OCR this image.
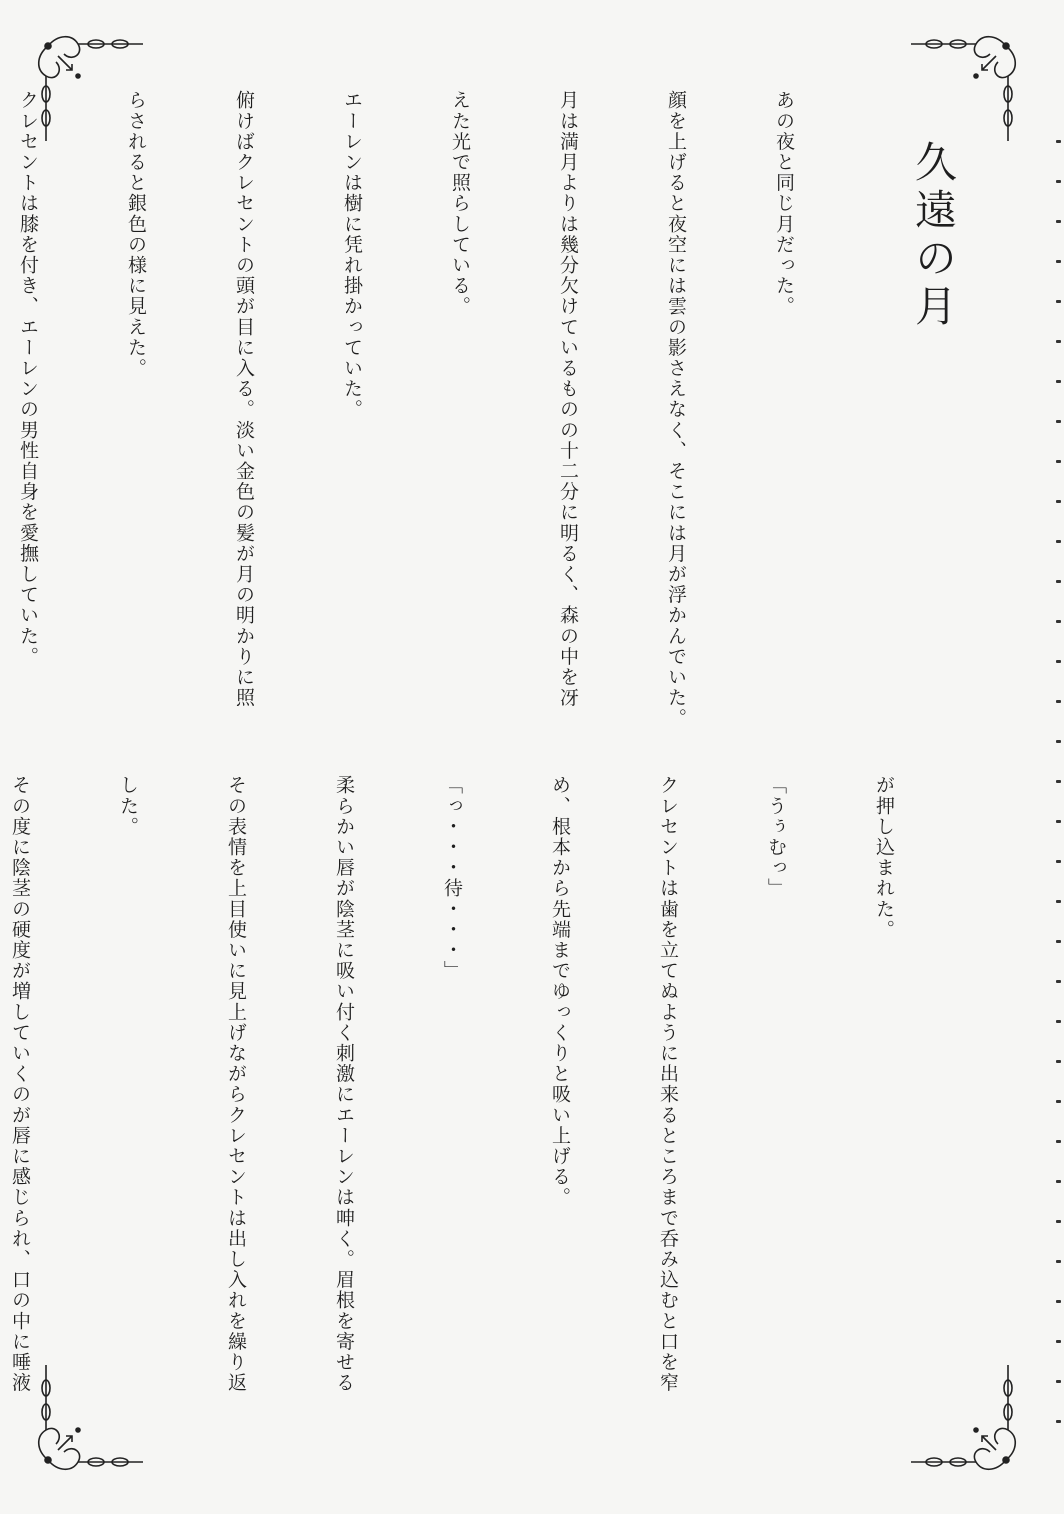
久遠の月

あの夜と同じ月だった。

顔を上げると夜空には雲の影さえなく、そこには月が浮かんでいた。

月は満月よりは幾分欠けているものの十二分に明るく、森の中を冴

えた光で照らしている。

エーレンは樹に凭れ掛かっていた。

俯けばクレセントの頭が目に入る。淡い金色の髪が月の明かりに照

らされると銀色の様に見えた。

クレセントは膝を付き、エーレンの男性自身を愛撫していた。

が押し込まれた。

「うぅむっ」

クレセントは歯を立てぬように出来るところまで呑み込むと口を窄

め、根本から先端までゆっくりと吸い上げる。

「っ・・・待・・・」

柔らかい唇が陰茎に吸い付く刺激にエーレンは呻く。眉根を寄せる

その表情を上目使いに見上げながらクレセントは出し入れを繰り返

した。

その度に陰茎の硬度が増していくのが唇に感じられ、口の中に唾液
